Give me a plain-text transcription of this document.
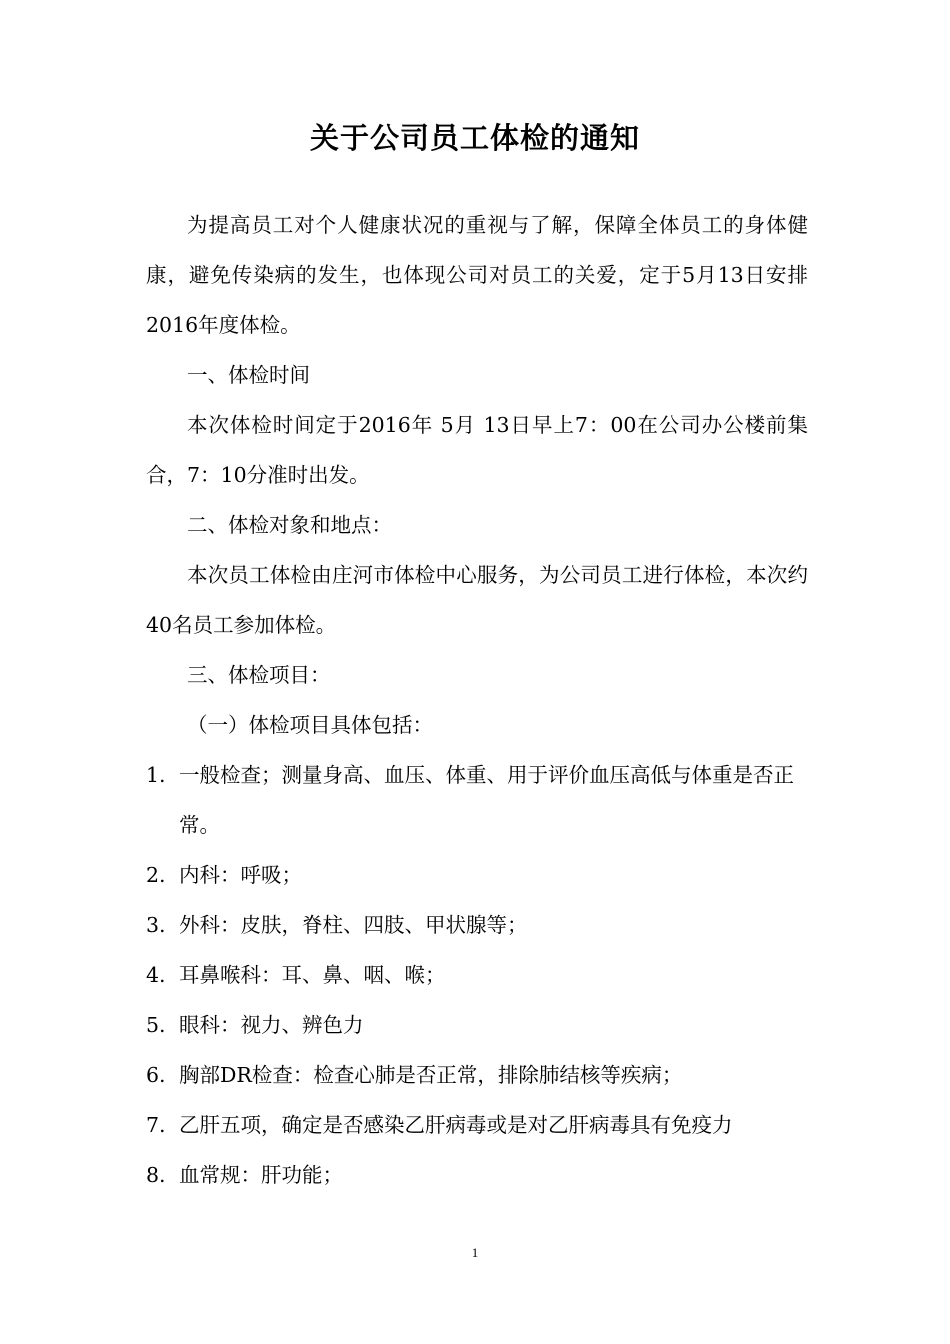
关于公司员工体检的通知

为提高员工对个人健康状况的重视与了解，保障全体员工的身体健康，避免传染病的发生，也体现公司对员工的关爱，定于5月13日安排2016年度体检。

一、体检时间

本次体检时间定于2016年 5月 13日早上7：00在公司办公楼前集合，7：10分准时出发。

二、体检对象和地点：

本次员工体检由庄河市体检中心服务，为公司员工进行体检，本次约40名员工参加体检。

三、体检项目：

（一）体检项目具体包括：

1. 一般检查；测量身高、血压、体重、用于评价血压高低与体重是否正常。

2. 内科：呼吸；

3. 外科：皮肤，脊柱、四肢、甲状腺等；

4. 耳鼻喉科：耳、鼻、咽、喉；

5. 眼科：视力、辨色力

6. 胸部DR检查：检查心肺是否正常，排除肺结核等疾病；

7. 乙肝五项，确定是否感染乙肝病毒或是对乙肝病毒具有免疫力

8. 血常规：肝功能；

1
